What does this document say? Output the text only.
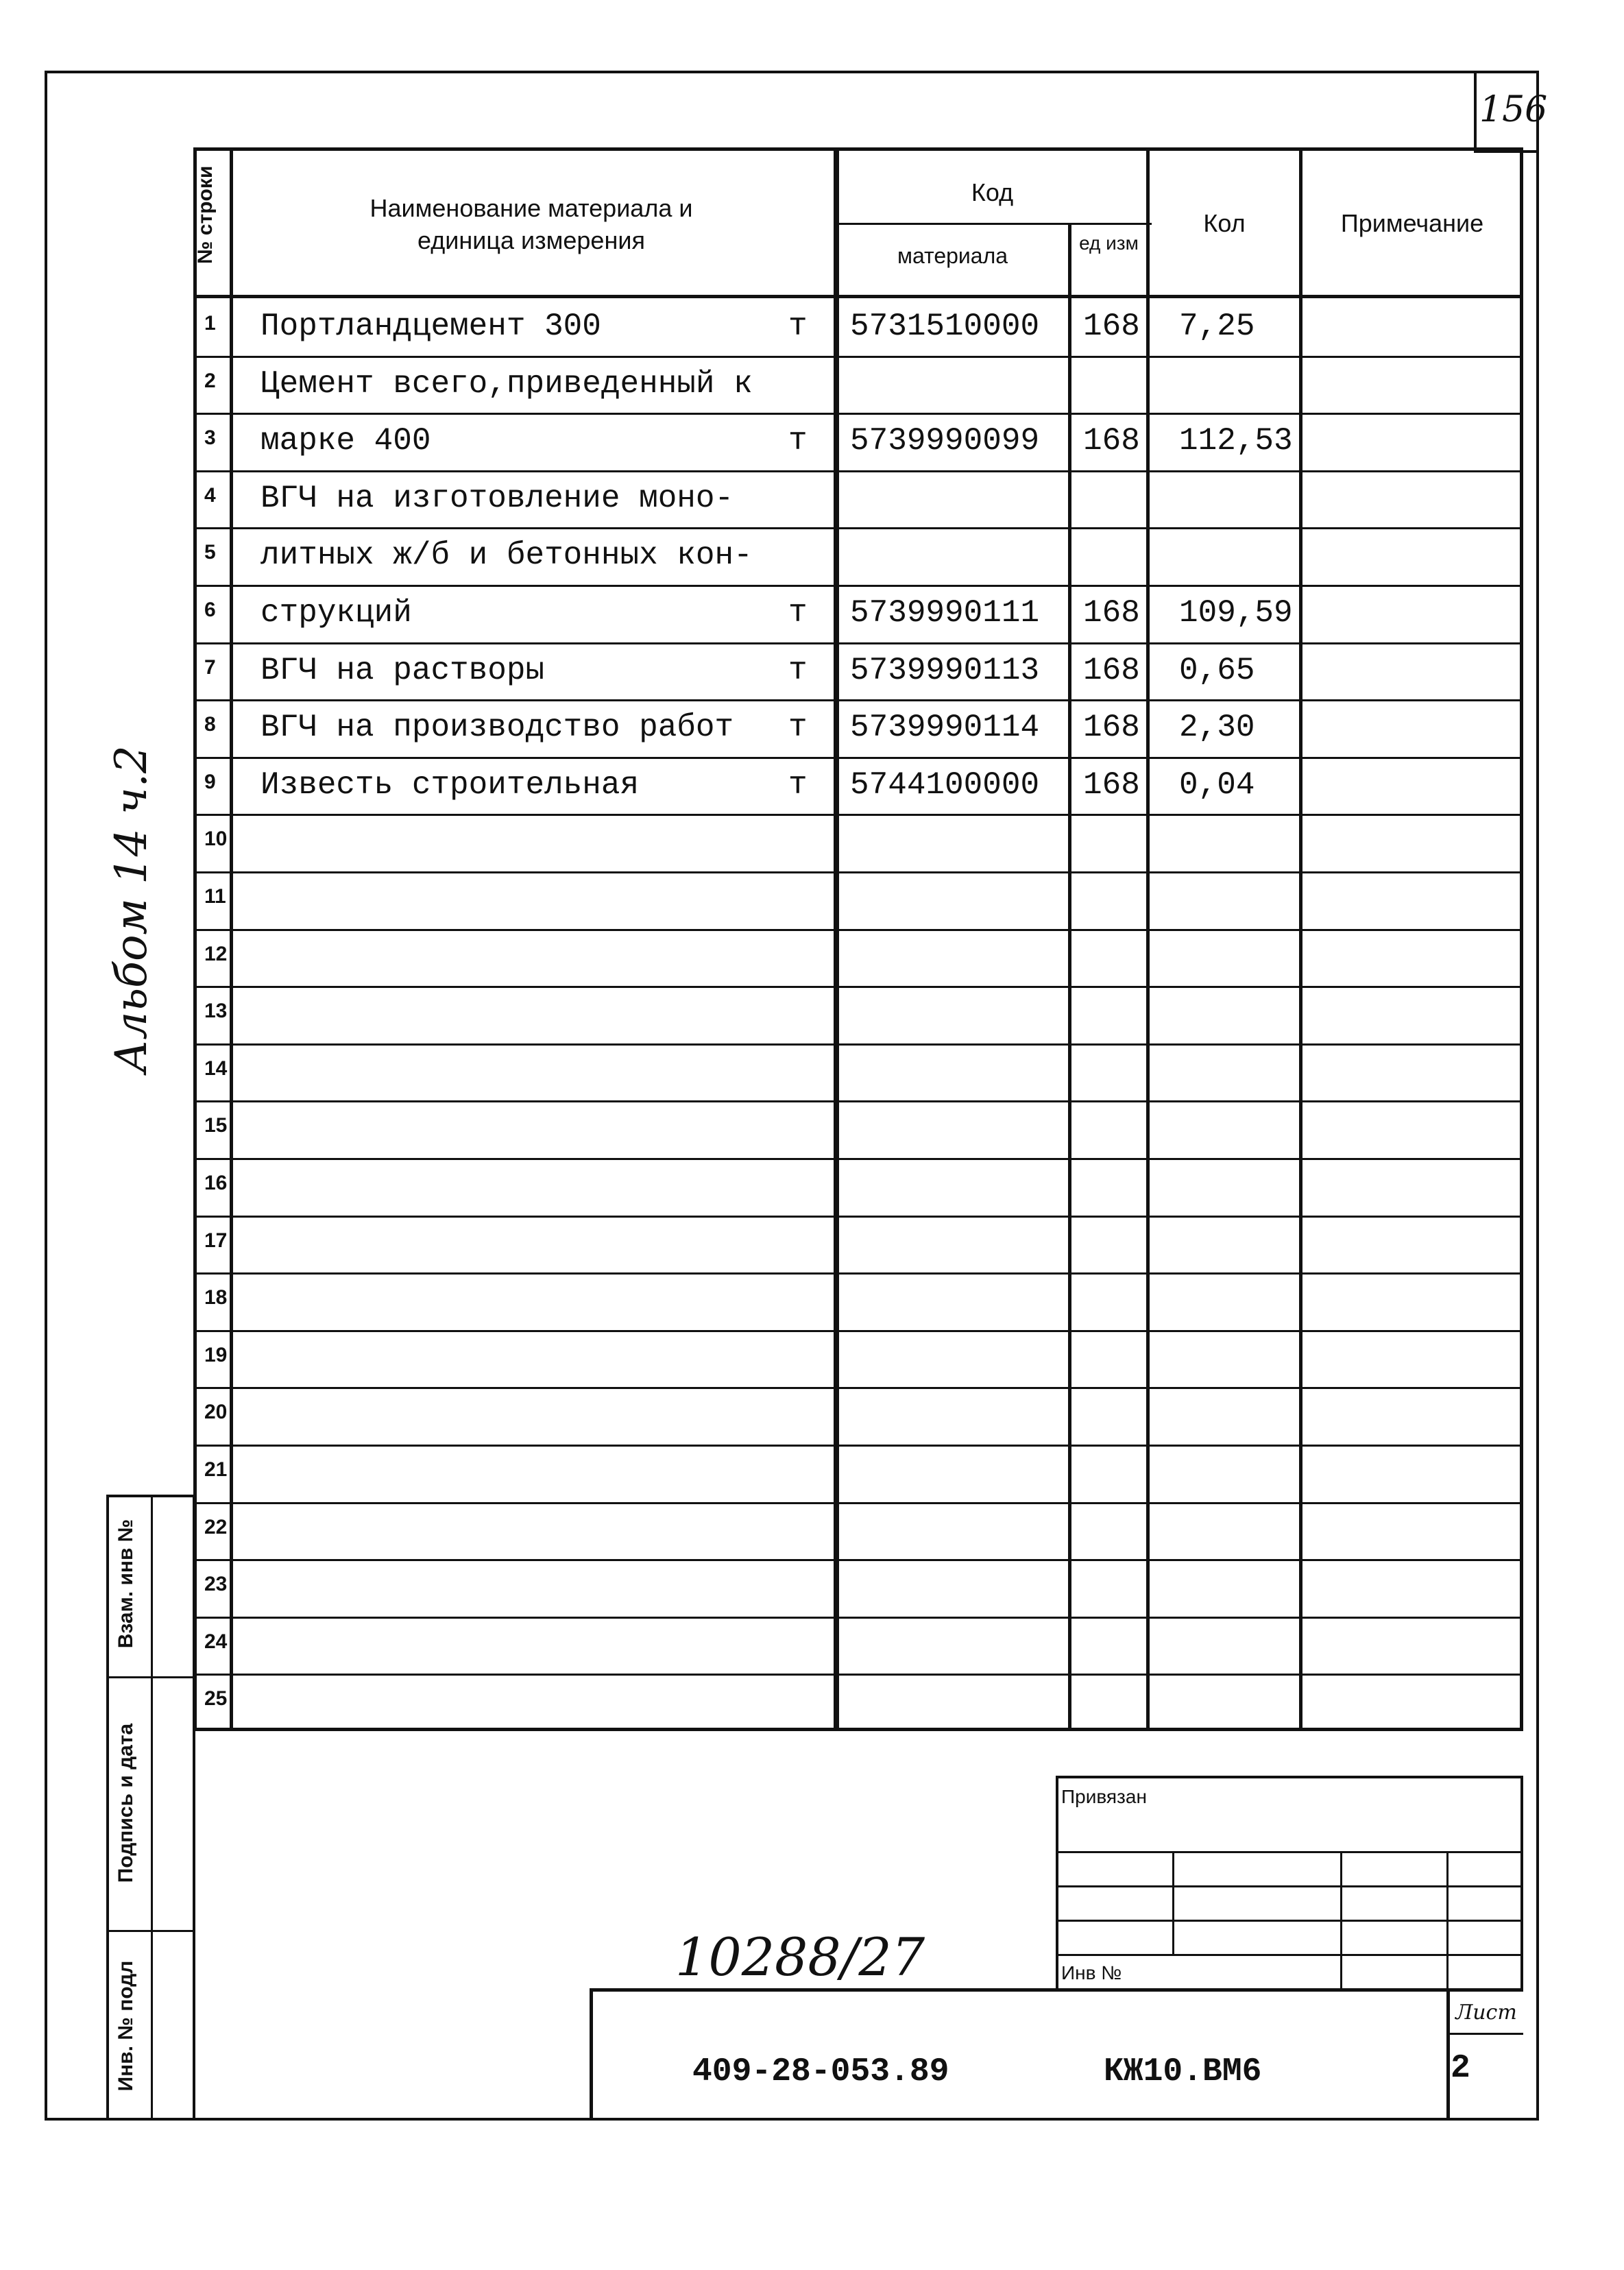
156
Альбом 14 ч.2
№ строки	Наименование материала и
единица измерения
Код
материала
ед изм
Кол	Примечание
1 Портландцемент 300	т 5731510000 168 7,25
2 Цемент всего,приведенный к
3 марке 400	т 5739990099 168 112,53
4 ВГЧ на изготовление моно-
5 литных ж/б и бетонных кон-
6 струкций	т 5739990111 168 109,59
7 ВГЧ на растворы	т 5739990113 168 0,65
8 ВГЧ на производство работ т 5739990114 168 2,30
9 Известь строительная	т 5744100000 168 0,04
10
11
12
13
14
15
16
17
18
19
20
21
22
23
24
25
Взам. инв №
Подпись и дата
Инв. № подл
Привязан
Инв №
10288/27
409-28-053.89	КЖ10.ВМ6
Лист
2
